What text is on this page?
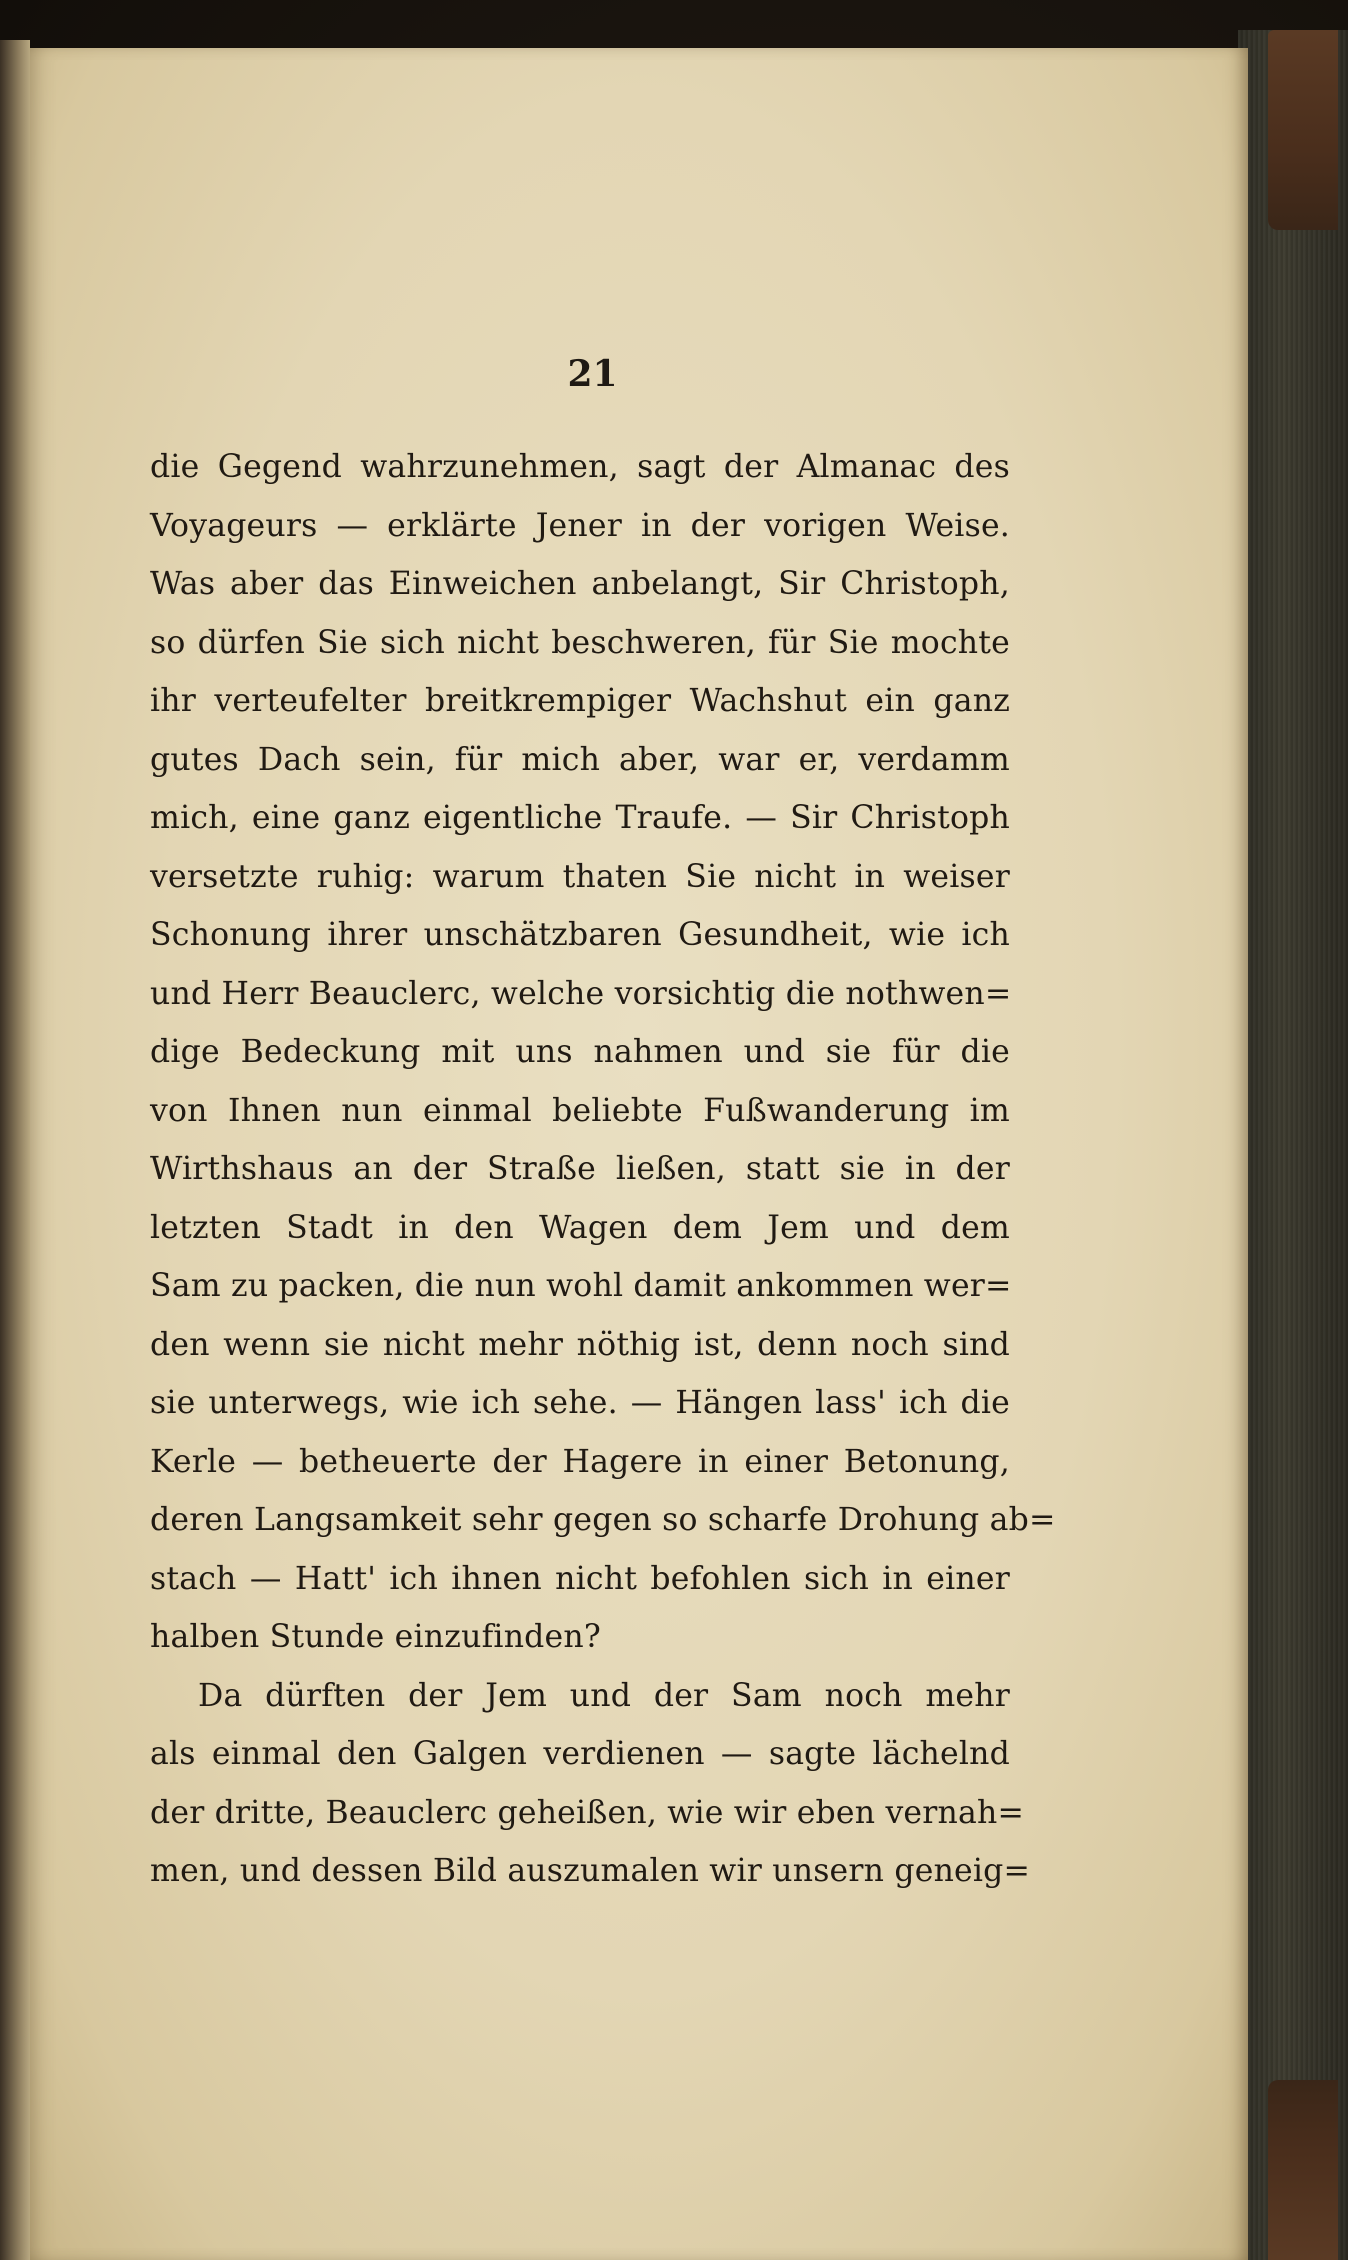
21
die Gegend wahrzunehmen, sagt der Almanac des
Voyageurs — erklärte Jener in der vorigen Weise.
Was aber das Einweichen anbelangt, Sir Christoph,
so dürfen Sie sich nicht beschweren, für Sie mochte
ihr verteufelter breitkrempiger Wachshut ein ganz
gutes Dach sein, für mich aber, war er, verdamm
mich, eine ganz eigentliche Traufe. — Sir Christoph
versetzte ruhig: warum thaten Sie nicht in weiser
Schonung ihrer unschätzbaren Gesundheit, wie ich
und Herr Beauclerc, welche vorsichtig die nothwen=
dige Bedeckung mit uns nahmen und sie für die
von Ihnen nun einmal beliebte Fußwanderung im
Wirthshaus an der Straße ließen, statt sie in der
letzten Stadt in den Wagen dem Jem und dem
Sam zu packen, die nun wohl damit ankommen wer=
den wenn sie nicht mehr nöthig ist, denn noch sind
sie unterwegs, wie ich sehe. — Hängen lass' ich die
Kerle — betheuerte der Hagere in einer Betonung,
deren Langsamkeit sehr gegen so scharfe Drohung ab=
stach — Hatt' ich ihnen nicht befohlen sich in einer
halben Stunde einzufinden?
Da dürften der Jem und der Sam noch mehr
als einmal den Galgen verdienen — sagte lächelnd
der dritte, Beauclerc geheißen, wie wir eben vernah=
men, und dessen Bild auszumalen wir unsern geneig=
